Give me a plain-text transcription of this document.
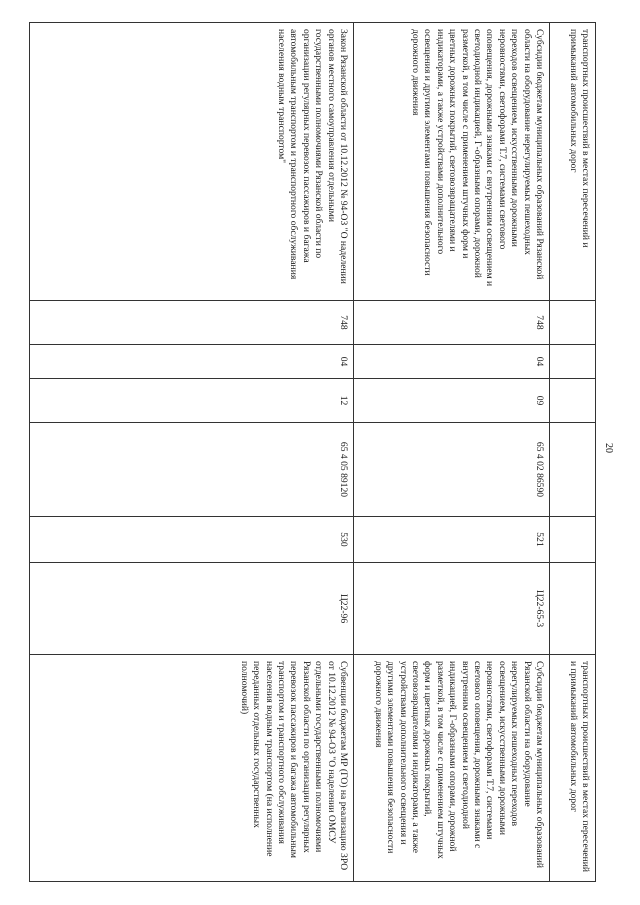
20
транспортных происшествий в местах пересечений и примыканий автомобильных дорог
транспортных происшествий в местах пересечений и примыканий автомобильных дорог
Субсидии бюджетам муниципальных образований Рязанской области на оборудование нерегулируемых пешеходных переходов освещением, искусственными дорожными неровностями, светофорами Т.7, системами светового оповещения, дорожными знаками с внутренним освещением и светодиодной индикацией, Г-образными опорами, дорожной разметкой, в том числе с применением штучных форм и цветных дорожных покрытий, световозвращателями и индикаторами, а также устройствами дополнительного освещения и другими элементами повышения безопасности дорожного движения
748
04
09
65 4 02 86590
521
Ц22-65-3
Субсидии бюджетам муниципальных образований Рязанской области на оборудование нерегулируемых пешеходных переходов освещением, искусственными дорожными неровностями, светофорами Т.7, системами светового оповещения, дорожными знаками с внутренним освещением и светодиодной индикацией, Г-образными опорами, дорожной разметкой, в том числе с применением штучных форм и цветных дорожных покрытий, световозвращателями и индикаторами, а также устройствами дополнительного освещения и другими элементами повышения безопасности дорожного движения
Закон Рязанской области от 10.12.2012 № 94-ОЗ "О наделении органов местного самоуправления отдельными государственными полномочиями Рязанской области по организации регулярных перевозок пассажиров и багажа автомобильным транспортом и транспортного обслуживания населения водным транспортом"
748
04
12
65 4 05 89120
530
Ц22-96
Субвенции бюджетам МР (ГО) на реализацию ЗРО от 10.12.2012 № 94-ОЗ "О наделении ОМСУ отдельными государственными полномочиями Рязанской области по организации регулярных перевозок пассажиров и багажа автомобильным транспортом и транспортного обслуживания населения водным транспортом (на исполнение переданных отдельных государственных полномочий)
